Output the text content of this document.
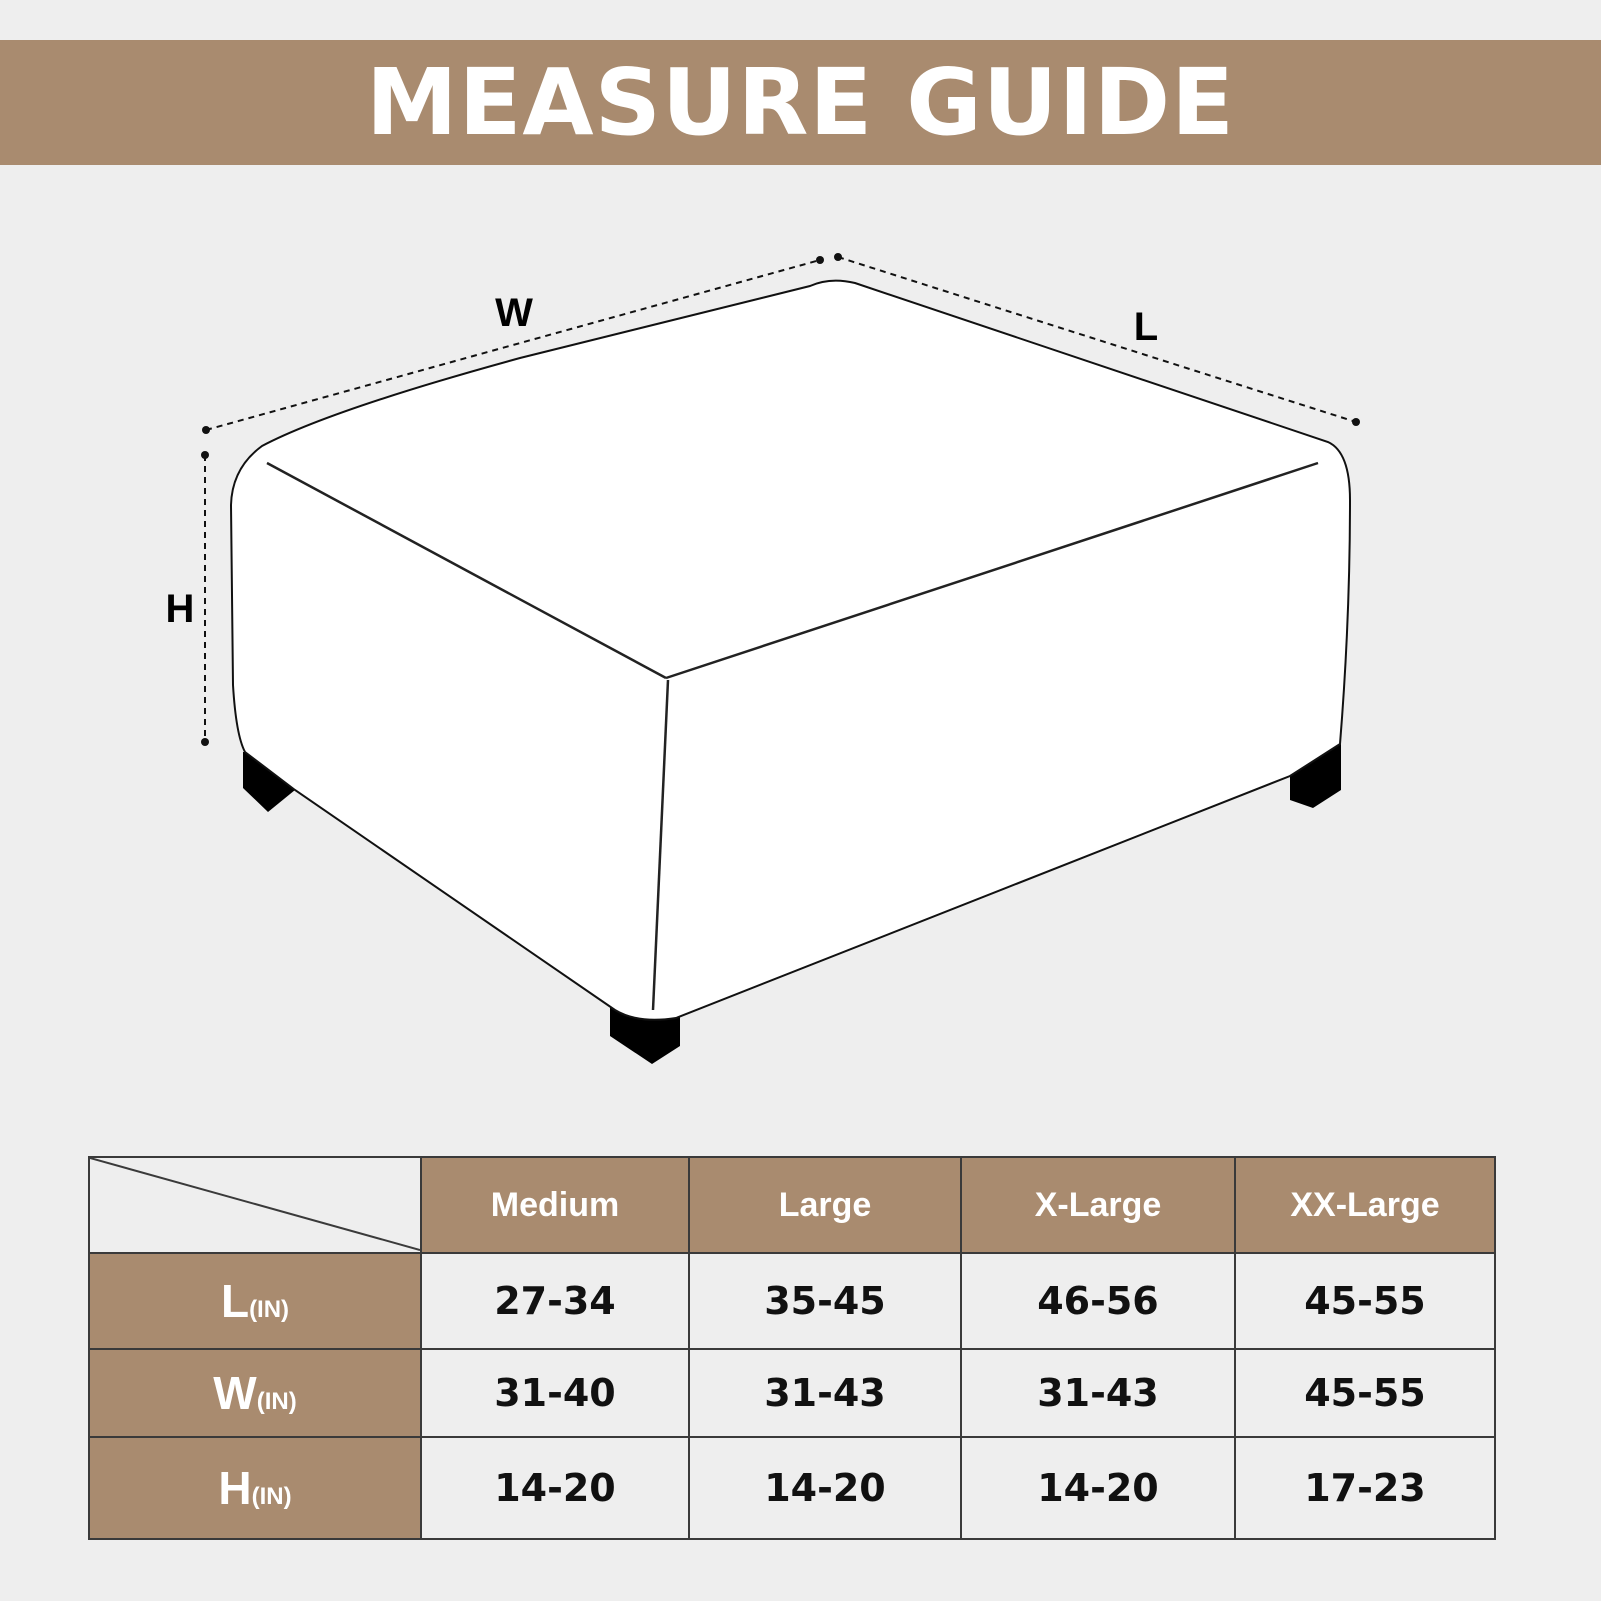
MEASURE GUIDE
W	L
H
	Medium	Large	X-Large	XX-Large
L(IN)	27-34	35-45	46-56	45-55
W(IN)	31-40	31-43	31-43	45-55
H(IN)	14-20	14-20	14-20	17-23
